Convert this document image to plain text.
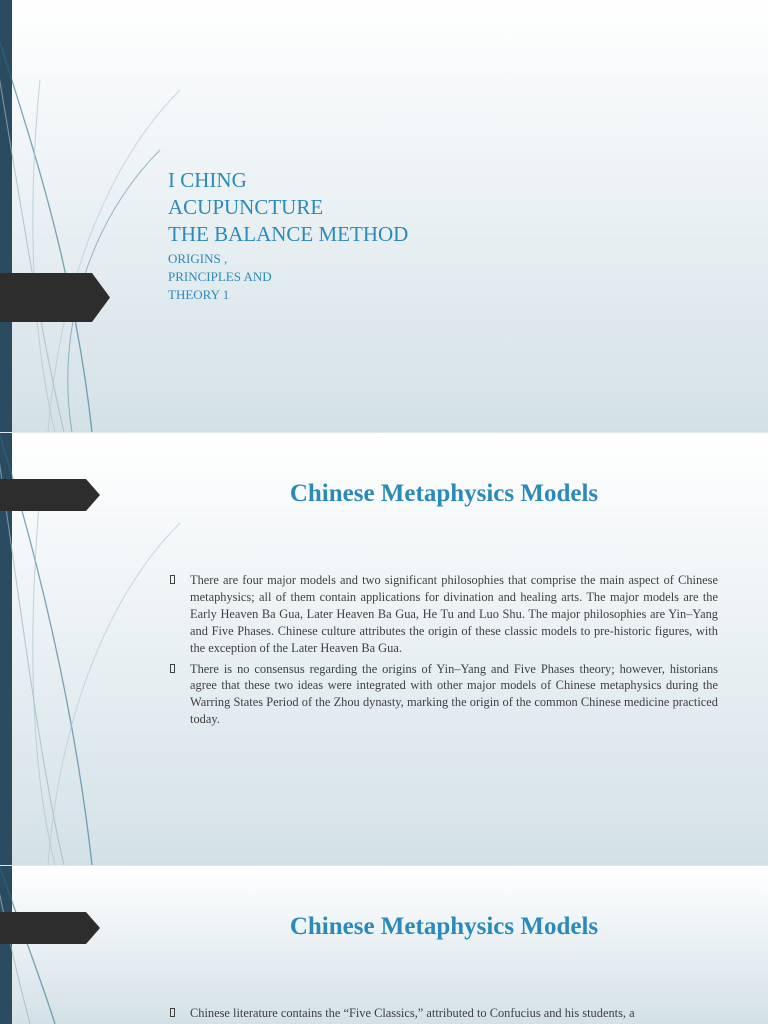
I CHING
ACUPUNCTURE
THE BALANCE METHOD
ORIGINS ,
PRINCIPLES AND
THEORY 1
Chinese Metaphysics Models
There are four major models and two significant philosophies that comprise the main aspect of Chinese metaphysics; all of them contain applications for divination and healing arts. The major models are the Early Heaven Ba Gua, Later Heaven Ba Gua, He Tu and Luo Shu. The major philosophies are Yin–Yang and Five Phases. Chinese culture attributes the origin of these classic models to pre-historic figures, with the exception of the Later Heaven Ba Gua.
There is no consensus regarding the origins of Yin–Yang and Five Phases theory; however, historians agree that these two ideas were integrated with other major models of Chinese metaphysics during the Warring States Period of the Zhou dynasty, marking the origin of the common Chinese medicine practiced today.
Chinese Metaphysics Models
Chinese literature contains the “Five Classics,” attributed to Confucius and his students, a
